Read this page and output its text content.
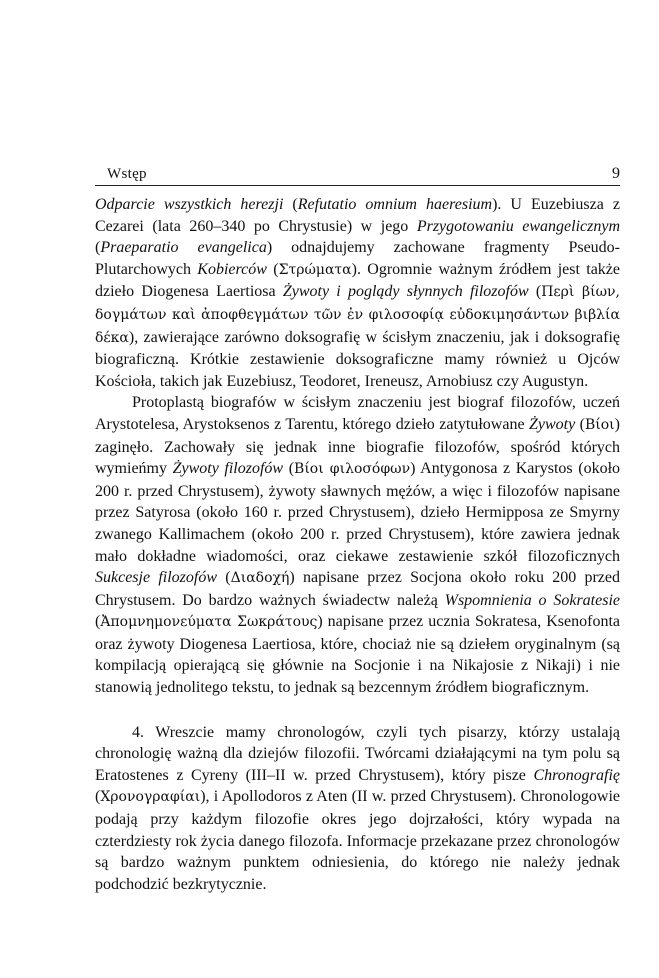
Wstęp	9

Odparcie wszystkich herezji (Refutatio omnium haeresium). U Euzebiusza z Cezarei (lata 260–340 po Chrystusie) w jego Przygotowaniu ewangelicznym (Praeparatio evangelica) odnajdujemy zachowane fragmenty Pseudo-Plutarchowych Kobierców (Στρώματα). Ogromnie ważnym źródłem jest także dzieło Diogenesa Laertiosa Żywoty i poglądy słynnych filozofów (Περὶ βίων, δογμάτων καὶ ἀποφθεγμάτων τῶν ἐν φιλοσοφίᾳ εὐδοκιμησάντων βιβλία δέκα), zawierające zarówno doksografię w ścisłym znaczeniu, jak i doksografię biograficzną. Krótkie zestawienie doksograficzne mamy również u Ojców Kościoła, takich jak Euzebiusz, Teodoret, Ireneusz, Arnobiusz czy Augustyn.

Protoplastą biografów w ścisłym znaczeniu jest biograf filozofów, uczeń Arystotelesa, Arystoksenos z Tarentu, którego dzieło zatytułowane Żywoty (Βίοι) zaginęło. Zachowały się jednak inne biografie filozofów, spośród których wymieńmy Żywoty filozofów (Βίοι φιλοσόφων) Antygonosa z Karystos (około 200 r. przed Chrystusem), żywoty sławnych mężów, a więc i filozofów napisane przez Satyrosa (około 160 r. przed Chrystusem), dzieło Hermipposa ze Smyrny zwanego Kallimachem (około 200 r. przed Chrystusem), które zawiera jednak mało dokładne wiadomości, oraz ciekawe zestawienie szkół filozoficznych Sukcesje filozofów (Διαδοχή) napisane przez Socjona około roku 200 przed Chrystusem. Do bardzo ważnych świadectw należą Wspomnienia o Sokratesie (Ἀπομνημονεύματα Σωκράτους) napisane przez ucznia Sokratesa, Ksenofonta oraz żywoty Diogenesa Laertiosa, które, chociaż nie są dziełem oryginalnym (są kompilacją opierającą się głównie na Socjonie i na Nikajosie z Nikaji) i nie stanowią jednolitego tekstu, to jednak są bezcennym źródłem biograficznym.

4. Wreszcie mamy chronologów, czyli tych pisarzy, którzy ustalają chronologię ważną dla dziejów filozofii. Twórcami działającymi na tym polu są Eratostenes z Cyreny (III–II w. przed Chrystusem), który pisze Chronografię (Χρονογραφίαι), i Apollodoros z Aten (II w. przed Chrystusem). Chronologowie podają przy każdym filozofie okres jego dojrzałości, który wypada na czterdziesty rok życia danego filozofa. Informacje przekazane przez chronologów są bardzo ważnym punktem odniesienia, do którego nie należy jednak podchodzić bezkrytycznie.
